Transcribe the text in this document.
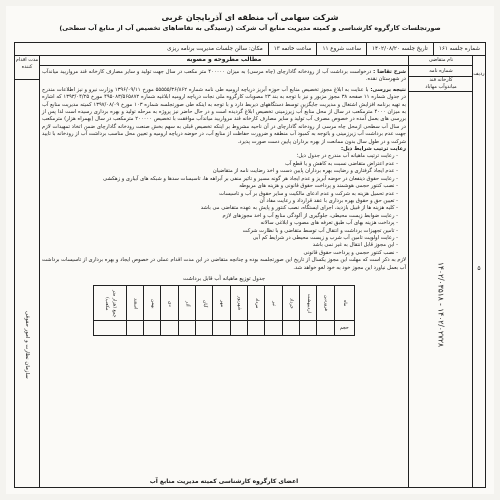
شرکت سهامی آب منطقه ای آذربایجان غربی
صورتجلسات کارگروه کارشناسی و کمیته مدیریت منابع آب شرکت (رسیدگی به تقاضاهای تخصیص آب از منابع آب سطحی)
شماره جلسه ۱۶۱
تاریخ جلسه ۱۴۰۲/۰۸/۲۰
ساعت شروع ۱۱
ساعت خاتمه ۱۳
مکان: سالن جلسات مدیریت برنامه ریزی
ردیف
۵
نام متقاضی
شماره نامه
کارخانه قند
میاندوآب مهاباد
۱۴۰۲/۰۲۷۲۸ - ۱۴۰۲/۰۳۵۱۸
مطالب مطروحه و مصوبه

شرح تقاضا : درخواست برداشت آب از رودخانه گادارچای (چاه مرسی) به میزان ۴۰۰۰۰۰ متر مکعب در سال جهت تولید و سایر مصارف کارخانه قند مرواربید میاندآب در شهرستان نقده.

نتیجه بررسی: با عنایت به ابلاغ مجوز تخصیص منابع آب حوزه آبریز دریاچه ارومیه طی نامه شماره ۵۵۵۵۵/۳۶/۸۶۲ مورخ ۱۳۹۶/۰۹/۱۱ وزارت نیرو و نیز اطلاعات مندرج در جدول شماره ۱۱ صفحه ۳۸ مجوز مزبور و نیز با توجه به بند ۲۳ مصوبات کارگروه ملی نجات دریاچه ارومیه ابلاغیه شماره ۴۹۵۰۸۳/۵۶۵۸۷۲ مورخ ۱۳۹۳/۰۴/۲۵ که اشاره به تهیه برنامه افزایش اشتغال و مدیریت جایگزین توسط دستگاههای ذیربط دارد و با توجه به اینکه طی صورتجلسه شماره ۱۰۳ مورخ ۱۳۹۷/۰۸/۰۹ کمیته مدیریت منابع آب به میزان ۴۰۰۰ مترمکعب در سال از محل منابع آب زیرزمینی تخصیص ابلاغ گردیده است و در حال حاضر نیز پروژه به مرحله تولید و بهره برداری رسیده است لذا پس از بررسی های بعمل آمده در خصوص مصرف آب تولید و سایر مصارف کارخانه قند مرواربید میاندآب موافقت با تخصیص ۲۰۰۰۰۰ مترمکعب در سال (بهمراه هزار) مترمکعب در سال آب سطحی ازمحل چاه مرسی از رودخانه گادارچای در آن ناحیه مشروط بر اینکه تخصیص قبلی به سهم بخش صنعت رودخانه گادارچای ضمن اتخاذ تمهیدات لازم جهت عدم برداشت آب زیرزمینی و باتوجه به کمبود آب منطقه و ضرورت حفاظت از منابع آب، در حوضه دریاچه ارومیه و تعیین محل مناسب برداشت آب از رودخانه با تایید شرکت و در طول سال بدون ممانعت از بهره برداران پایین دست صورت پذیرد.

رعایت ترتیب شرایط ذیل:

- رعایت ترتیب ماهیانه آب مندرج در جدول ذیل؛
- عدم اعتراض متقاضی نسبت به کاهش و یا قطع آب
- عدم ایجاد گرفتاری و رضایت بهره برداران پایین دست و اخذ رضایت نامه از متقاضیان
- رعایت حقوق ذینفعان در حوضه آبریز و عدم ایجاد هر گونه مسیر و تاثیر منفی بر آبراهه ها، تاسیسات سدها و شبکه های آبیاری و زهکشی
- نصب کنتور حجمی هوشمند و پرداخت حقوق قانونی و هزینه های مربوطه
- عدم تحمیل هزینه به شرکت و عدم ادعای مالکیت و سایر حقوق بر آب و تاسیسات
- تعیین حق و حقوق بهره برداری با عقد قرارداد و رعایت مفاد آن
- کلیه هزینه ها از قبیل بازدید، اجرای ایستگاه، نصب کنتور و پایش به عهده متقاضی می باشد
- رعایت ضوابط زیست محیطی، جلوگیری از آلودگی منابع آب و اخذ مجوزهای لازم
- پرداخت هزینه بهای آب طبق تعرفه های مصوب و ابلاغی سالانه
- تامین تجهیزات برداشت و انتقال آب توسط متقاضی و با نظارت شرکت
- رعایت اولویت تامین آب شرب و زیست محیطی در شرایط کم آبی
- این مجوز قابل انتقال به غیر نمی باشد
- نصب کنتور حجمی و پرداخت حقوق قانونی

لازم به ذکر است که مهلت این مجوز یکسال از تاریخ این صورتجلسه بوده و چنانچه متقاضی در این مدت اقدام عملی در خصوص ایجاد و بهره برداری از تاسیسات برداشت آب بعمل نیاورد این مجوز خود به خود لغو خواهد شد.

جدول توزیع ماهیانه آب قابل برداشت
ماه	فروردین	اردیبهشت	خرداد	تیر	مرداد	شهریور	مهر	آبان	آذر	دی	بهمن	اسفند	جمع (هزار متر مکعب)
حجم													
اعضای کارگروه کارشناسی کمیته مدیریت منابع آب
مدت اقدام کننده
سازمان نظارت و امور حقوقی
